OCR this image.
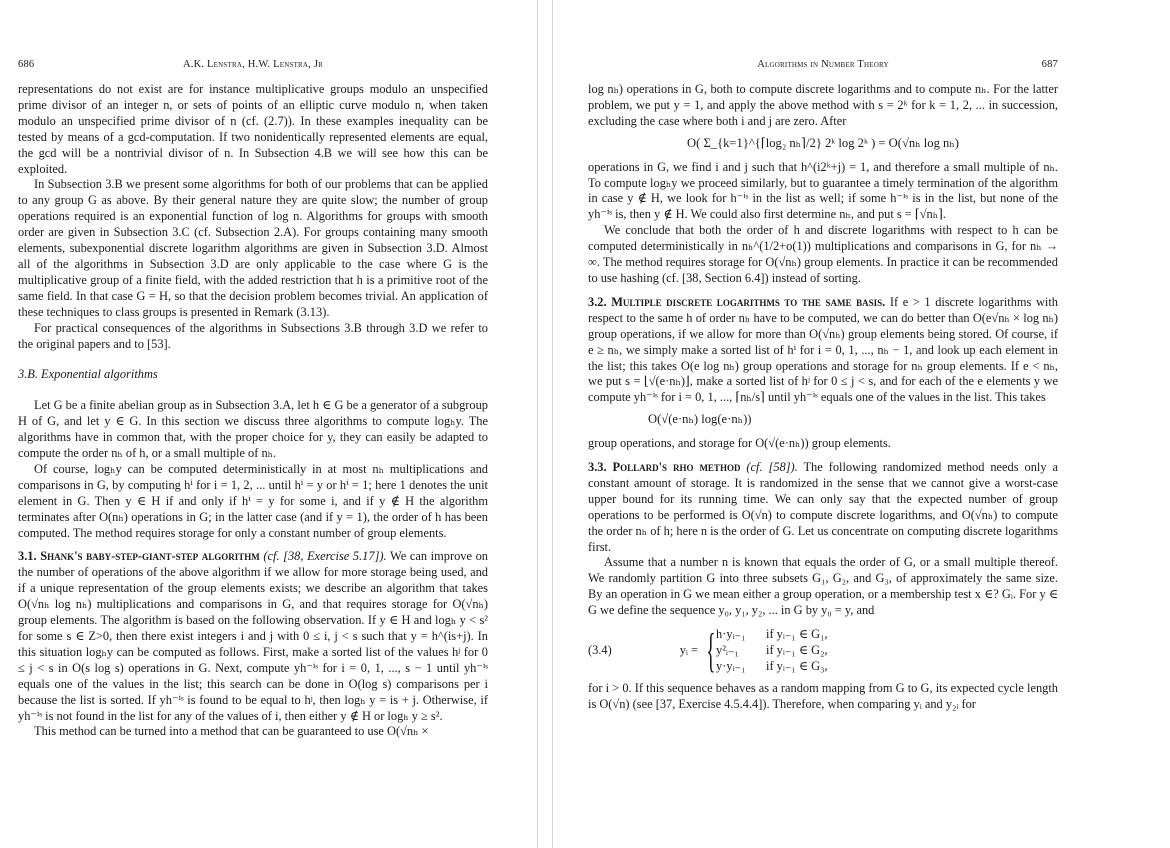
686	A.K. Lenstra, H.W. Lenstra, Jr

representations do not exist are for instance multiplicative groups modulo an unspecified prime divisor of an integer n, or sets of points of an elliptic curve modulo n, when taken modulo an unspecified prime divisor of n (cf. (2.7)). In these examples inequality can be tested by means of a gcd-computation. If two nonidentically represented elements are equal, the gcd will be a nontrivial divisor of n. In Subsection 4.B we will see how this can be exploited.

In Subsection 3.B we present some algorithms for both of our problems that can be applied to any group G as above. By their general nature they are quite slow; the number of group operations required is an exponential function of log n. Algorithms for groups with smooth order are given in Subsection 3.C (cf. Subsection 2.A). For groups containing many smooth elements, subexponential discrete logarithm algorithms are given in Subsection 3.D. Almost all of the algorithms in Subsection 3.D are only applicable to the case where G is the multiplicative group of a finite field, with the added restriction that h is a primitive root of the same field. In that case G = H, so that the decision problem becomes trivial. An application of these techniques to class groups is presented in Remark (3.13).

For practical consequences of the algorithms in Subsections 3.B through 3.D we refer to the original papers and to [53].

3.B. Exponential algorithms

Let G be a finite abelian group as in Subsection 3.A, let h ∈ G be a generator of a subgroup H of G, and let y ∈ G. In this section we discuss three algorithms to compute logₕy. The algorithms have in common that, with the proper choice for y, they can easily be adapted to compute the order nₕ of h, or a small multiple of nₕ.

Of course, logₕy can be computed deterministically in at most nₕ multiplications and comparisons in G, by computing hⁱ for i = 1, 2, ... until hⁱ = y or hⁱ = 1; here 1 denotes the unit element in G. Then y ∈ H if and only if hⁱ = y for some i, and if y ∉ H the algorithm terminates after O(nₕ) operations in G; in the latter case (and if y = 1), the order of h has been computed. The method requires storage for only a constant number of group elements.

3.1. Shank's baby-step-giant-step algorithm (cf. [38, Exercise 5.17]). We can improve on the number of operations of the above algorithm if we allow for more storage being used, and if a unique representation of the group elements exists; we describe an algorithm that takes O(√nₕ log nₕ) multiplications and comparisons in G, and that requires storage for O(√nₕ) group elements. The algorithm is based on the following observation. If y ∈ H and logₕ y < s² for some s ∈ Z>0, then there exist integers i and j with 0 ≤ i, j < s such that y = h^(is+j). In this situation logₕy can be computed as follows. First, make a sorted list of the values hʲ for 0 ≤ j < s in O(s log s) operations in G. Next, compute yh⁻ⁱˢ for i = 0, 1, ..., s − 1 until yh⁻ⁱˢ equals one of the values in the list; this search can be done in O(log s) comparisons per i because the list is sorted. If yh⁻ⁱˢ is found to be equal to hʲ, then logₕ y = is + j. Otherwise, if yh⁻ⁱˢ is not found in the list for any of the values of i, then either y ∉ H or logₕ y ≥ s².

This method can be turned into a method that can be guaranteed to use O(√nₕ ×

Algorithms in Number Theory	687

log nₕ) operations in G, both to compute discrete logarithms and to compute nₕ. For the latter problem, we put y = 1, and apply the above method with s = 2ᵏ for k = 1, 2, ... in succession, excluding the case where both i and j are zero. After

O( Σ_{k=1}^{⌈log₂ nₕ⌉/2} 2ᵏ log 2ᵏ ) = O(√nₕ log nₕ)

operations in G, we find i and j such that h^(i2ᵏ+j) = 1, and therefore a small multiple of nₕ. To compute logₕy we proceed similarly, but to guarantee a timely termination of the algorithm in case y ∉ H, we look for h⁻ⁱˢ in the list as well; if some h⁻ⁱˢ is in the list, but none of the yh⁻ⁱˢ is, then y ∉ H. We could also first determine nₕ, and put s = ⌈√nₕ⌉.

We conclude that both the order of h and discrete logarithms with respect to h can be computed deterministically in nₕ^(1/2+o(1)) multiplications and comparisons in G, for nₕ → ∞. The method requires storage for O(√nₕ) group elements. In practice it can be recommended to use hashing (cf. [38, Section 6.4]) instead of sorting.

3.2. Multiple discrete logarithms to the same basis. If e > 1 discrete logarithms with respect to the same h of order nₕ have to be computed, we can do better than O(e√nₕ × log nₕ) group operations, if we allow for more than O(√nₕ) group elements being stored. Of course, if e ≥ nₕ, we simply make a sorted list of hⁱ for i = 0, 1, ..., nₕ − 1, and look up each element in the list; this takes O(e log nₕ) group operations and storage for nₕ group elements. If e < nₕ, we put s = ⌊√(e·nₕ)⌋, make a sorted list of hʲ for 0 ≤ j < s, and for each of the e elements y we compute yh⁻ⁱˢ for i = 0, 1, ..., ⌈nₕ/s⌉ until yh⁻ⁱˢ equals one of the values in the list. This takes

O(√(e·nₕ) log(e·nₕ))

group operations, and storage for O(√(e·nₕ)) group elements.

3.3. Pollard's rho method (cf. [58]). The following randomized method needs only a constant amount of storage. It is randomized in the sense that we cannot give a worst-case upper bound for its running time. We can only say that the expected number of group operations to be performed is O(√n) to compute discrete logarithms, and O(√nₕ) to compute the order nₕ of h; here n is the order of G. Let us concentrate on computing discrete logarithms first.

Assume that a number n is known that equals the order of G, or a small multiple thereof. We randomly partition G into three subsets G₁, G₂, and G₃, of approximately the same size. By an operation in G we mean either a group operation, or a membership test x ∈? Gᵢ. For y ∈ G we define the sequence y₀, y₁, y₂, ... in G by y₀ = y, and

(3.4)	yᵢ = { h·yᵢ₋₁	if yᵢ₋₁ ∈ G₁,
y²ᵢ₋₁	if yᵢ₋₁ ∈ G₂,
y·yᵢ₋₁	if yᵢ₋₁ ∈ G₃,

for i > 0. If this sequence behaves as a random mapping from G to G, its expected cycle length is O(√n) (see [37, Exercise 4.5.4.4]). Therefore, when comparing yᵢ and y₂ᵢ for
